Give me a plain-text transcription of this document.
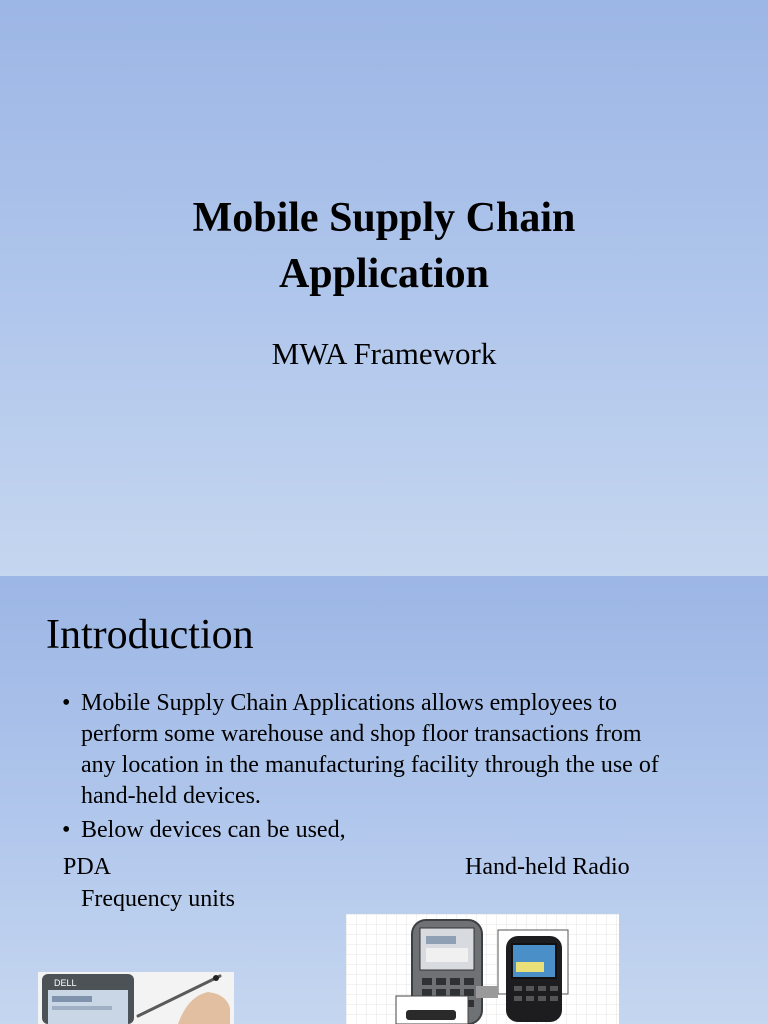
Mobile Supply Chain
Application
MWA Framework
Introduction
• Mobile Supply Chain Applications allows employees to
perform some warehouse and shop floor transactions from
any location in the manufacturing facility through the use of
hand-held devices.
• Below devices can be used,
PDA	Hand-held Radio
Frequency units
DELL
